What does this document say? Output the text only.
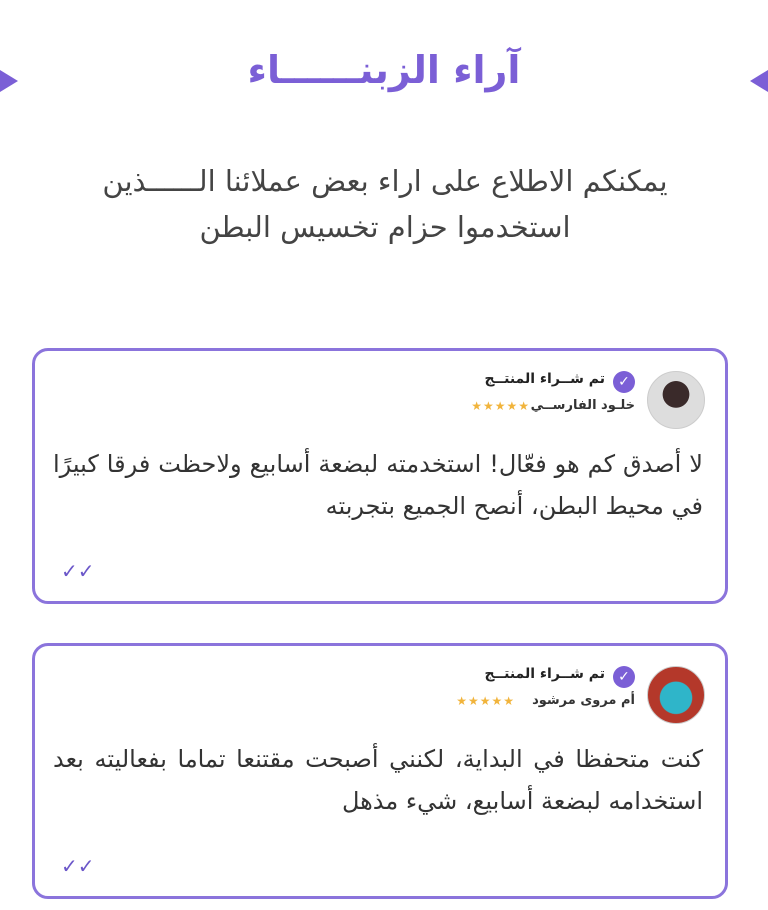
آراء الزبنــــــاء
يمكنكم الاطلاع على اراء بعض عملائنا الــــــذين استخدموا حزام تخسيس البطن
✓
تم شــراء المنتــج
خلـود الفارســي
★★★★★
لا أصدق كم هو فعّال! استخدمته لبضعة أسابيع ولاحظت فرقا كبيرًا في محيط البطن، أنصح الجميع بتجربته
✓✓
✓
تم شــراء المنتــج
أم مروى مرشود
★★★★★
كنت متحفظا في البداية، لكنني أصبحت مقتنعا تماما بفعاليته بعد استخدامه لبضعة أسابيع، شيء مذهل
✓✓
